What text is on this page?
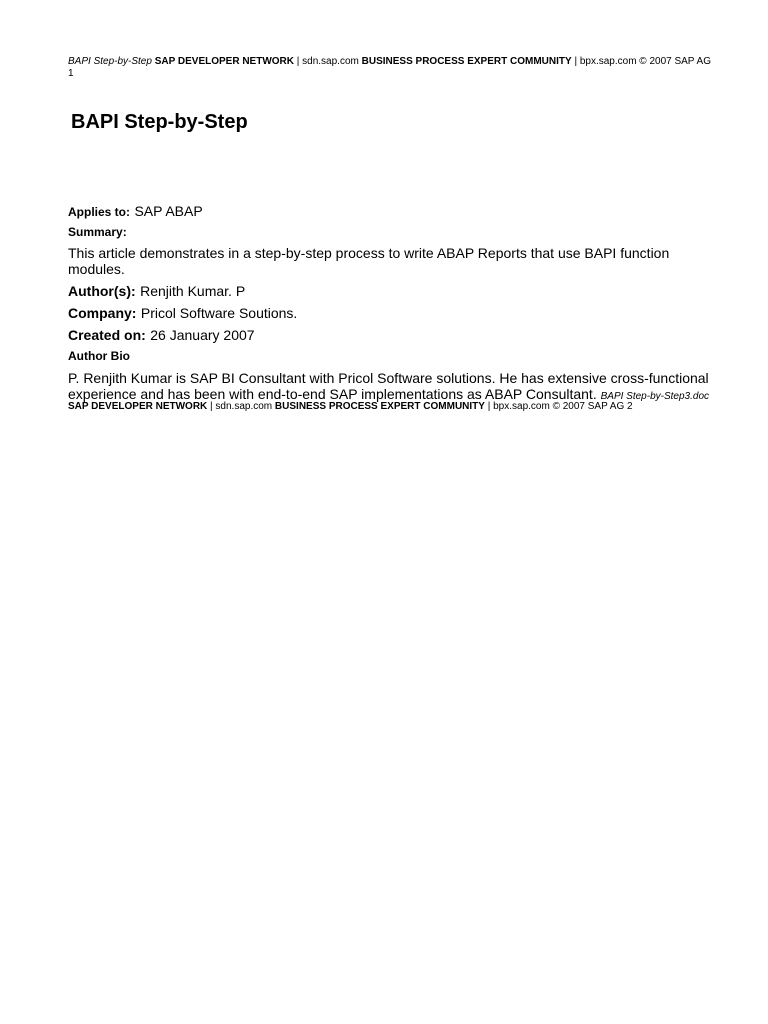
BAPI Step-by-Step SAP DEVELOPER NETWORK | sdn.sap.com BUSINESS PROCESS EXPERT COMMUNITY | bpx.sap.com © 2007 SAP AG
1
BAPI Step-by-Step
Applies to: SAP ABAP
Summary:
This article demonstrates in a step-by-step process to write ABAP Reports that use BAPI function modules.
Author(s): Renjith Kumar. P
Company: Pricol Software Soutions.
Created on: 26 January 2007
Author Bio
P. Renjith Kumar is SAP BI Consultant with Pricol Software solutions. He has extensive cross-functional experience and has been with end-to-end SAP implementations as ABAP Consultant. BAPI Step-by-Step3.doc
SAP DEVELOPER NETWORK | sdn.sap.com BUSINESS PROCESS EXPERT COMMUNITY | bpx.sap.com © 2007 SAP AG 2
